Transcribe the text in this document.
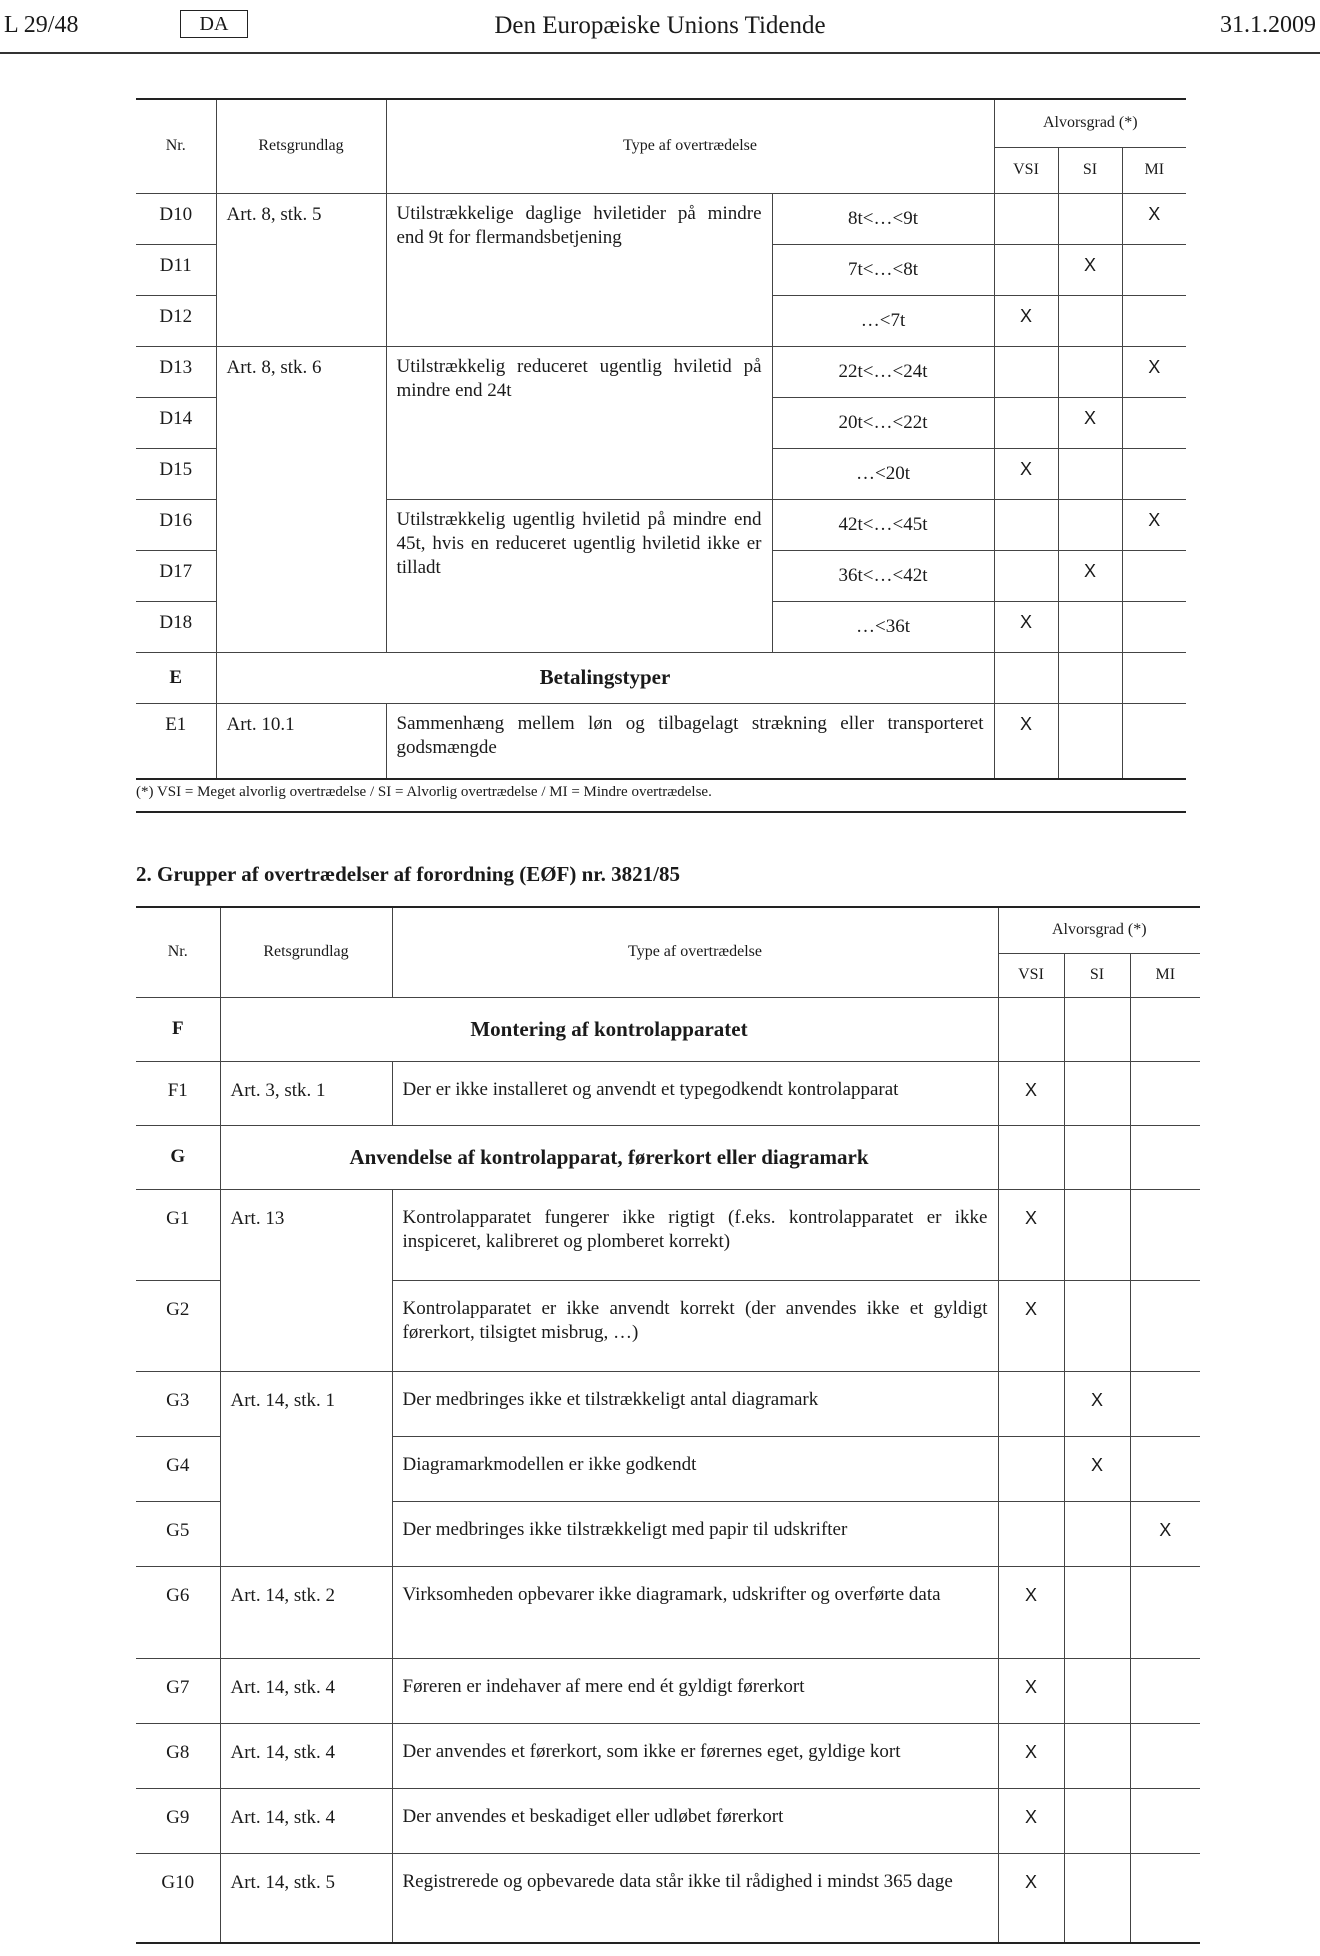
L 29/48	DA	Den Europæiske Unions Tidende	31.1.2009
Nr.	Retsgrundlag	Type af overtrædelse		Alvorsgrad (*)		
				VSI	SI	MI
D10	Art. 8, stk. 5	Utilstrækkelige daglige hviletider på mindre end 9t for flermandsbetjening	8t<…<9t			X
D11			7t<…<8t		X	
D12			…<7t	X		
D13	Art. 8, stk. 6	Utilstrækkelig reduceret ugentlig hviletid på mindre end 24t	22t<…<24t			X
D14			20t<…<22t		X	
D15			…<20t	X		
D16		Utilstrækkelig ugentlig hviletid på mindre end 45t, hvis en reduceret ugentlig hviletid ikke er tilladt	42t<…<45t			X
D17			36t<…<42t		X	
D18			…<36t	X		
E	Betalingstyper					
E1	Art. 10.1	Sammenhæng mellem løn og tilbagelagt strækning eller transporteret godsmængde		X		
(*) VSI = Meget alvorlig overtrædelse / SI = Alvorlig overtrædelse / MI = Mindre overtrædelse.
2. Grupper af overtrædelser af forordning (EØF) nr. 3821/85
Nr.	Retsgrundlag	Type af overtrædelse	Alvorsgrad (*)		
			VSI	SI	MI
F	Montering af kontrolapparatet				
F1	Art. 3, stk. 1	Der er ikke installeret og anvendt et typegodkendt kontrolapparat	X		
G	Anvendelse af kontrolapparat, førerkort eller diagramark				
G1	Art. 13	Kontrolapparatet fungerer ikke rigtigt (f.eks. kontrolapparatet er ikke inspiceret, kalibreret og plomberet korrekt)	X		
G2		Kontrolapparatet er ikke anvendt korrekt (der anvendes ikke et gyldigt førerkort, tilsigtet misbrug, …)	X		
G3	Art. 14, stk. 1	Der medbringes ikke et tilstrækkeligt antal diagramark		X	
G4		Diagramarkmodellen er ikke godkendt		X	
G5		Der medbringes ikke tilstrækkeligt med papir til udskrifter			X
G6	Art. 14, stk. 2	Virksomheden opbevarer ikke diagramark, udskrifter og overførte data	X		
G7	Art. 14, stk. 4	Føreren er indehaver af mere end ét gyldigt førerkort	X		
G8	Art. 14, stk. 4	Der anvendes et førerkort, som ikke er førernes eget, gyldige kort	X		
G9	Art. 14, stk. 4	Der anvendes et beskadiget eller udløbet førerkort	X		
G10	Art. 14, stk. 5	Registrerede og opbevarede data står ikke til rådighed i mindst 365 dage	X		
